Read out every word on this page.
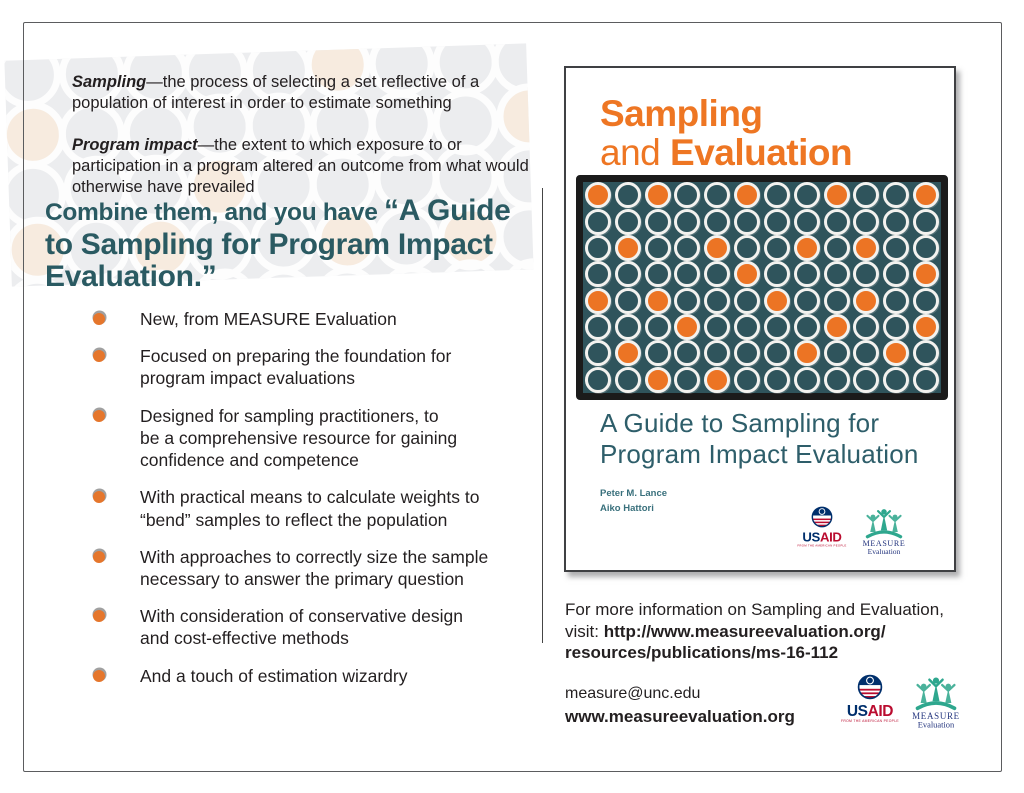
Sampling—the process of selecting a set reflective of a population of interest in order to estimate something

Program impact—the extent to which exposure to or participation in a program altered an outcome from what would otherwise have prevailed

Combine them, and you have “A Guide
to Sampling for Program Impact
Evaluation.”
New, from MEASURE Evaluation
Focused on preparing the foundation for
program impact evaluations
Designed for sampling practitioners, to
be a comprehensive resource for gaining
confidence and competence
With practical means to calculate weights to
“bend” samples to reflect the population
With approaches to correctly size the sample
necessary to answer the primary question
With consideration of conservative design
and cost-effective methods
And a touch of estimation wizardry
Sampling
and Evaluation
A Guide to Sampling for
Program Impact Evaluation
Peter M. Lance
Aiko Hattori
USAID
FROM THE AMERICAN PEOPLE MEASURE
Evaluation
For more information on Sampling and Evaluation,
visit: http://www.measureevaluation.org/
resources/publications/ms-16-112
measure@unc.edu
www.measureevaluation.org	USAID
FROM THE AMERICAN PEOPLE
MEASURE
Evaluation
